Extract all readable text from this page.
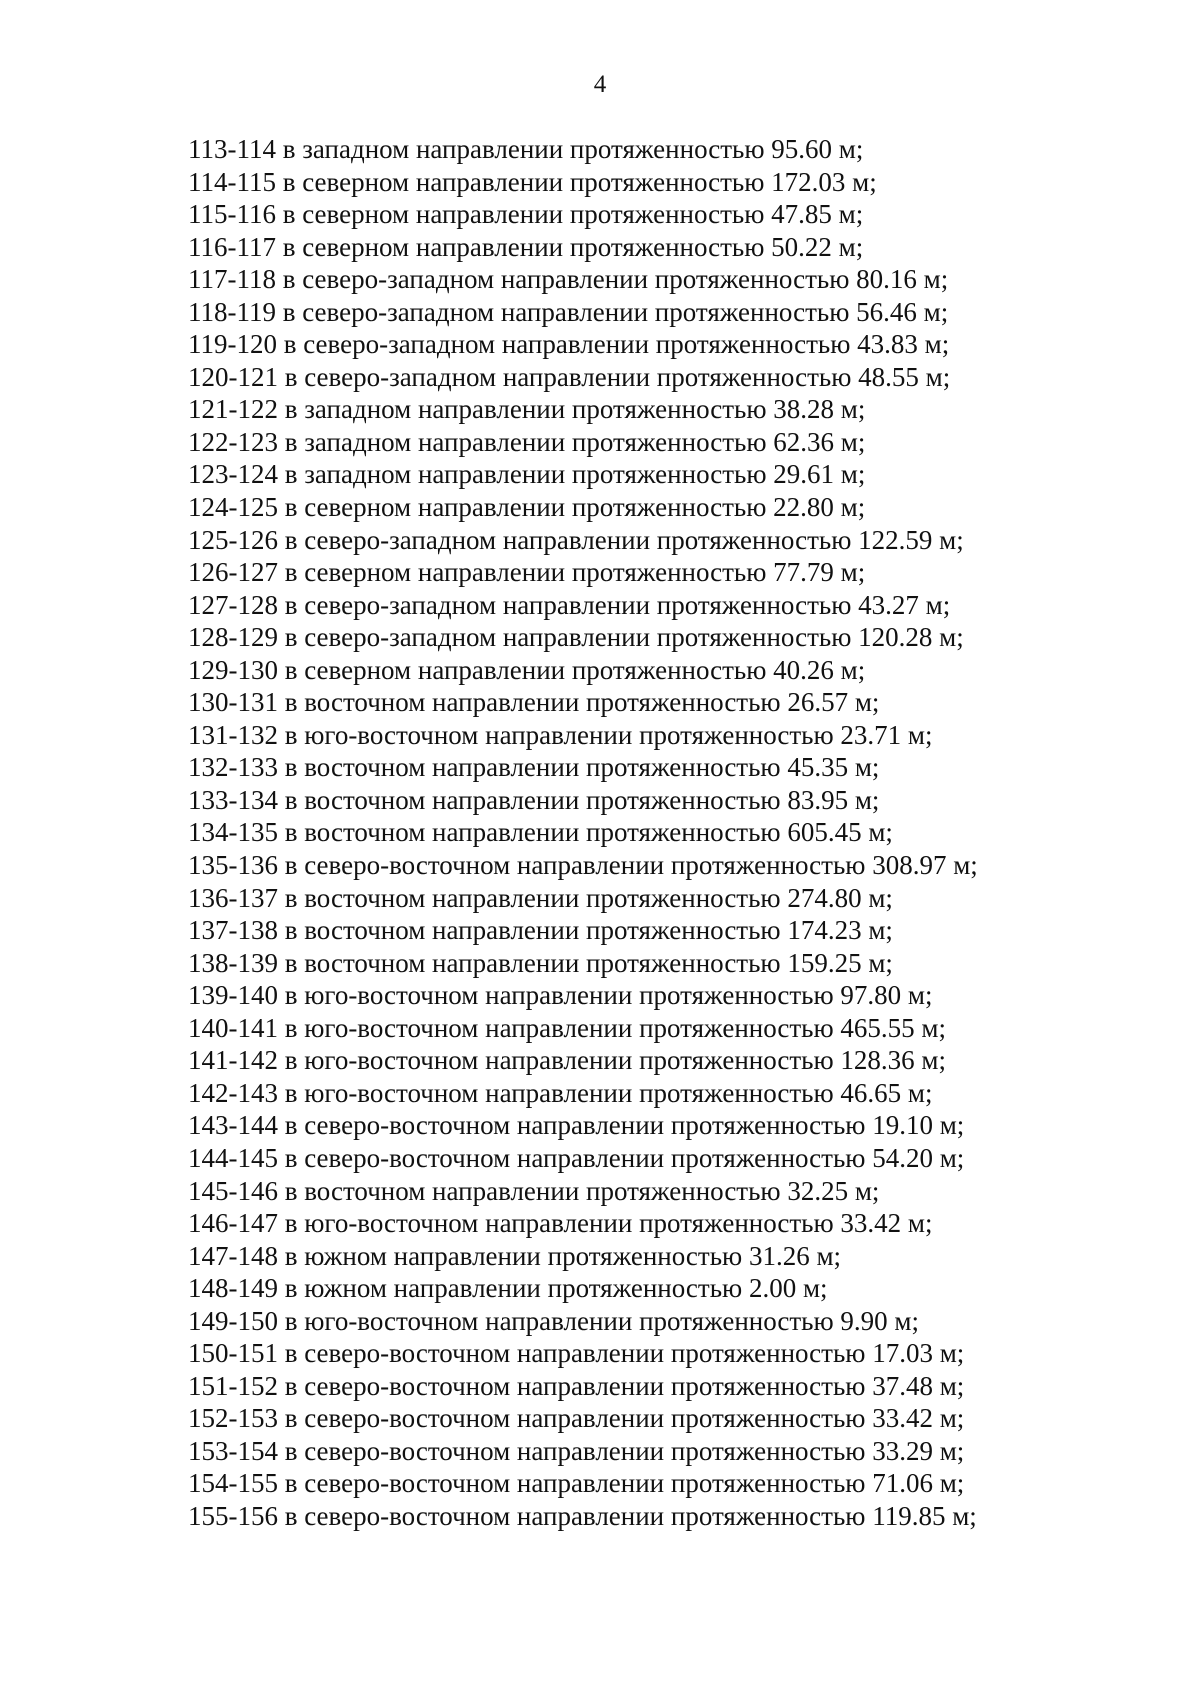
4
113-114 в западном направлении протяженностью 95.60 м;
114-115 в северном направлении протяженностью 172.03 м;
115-116 в северном направлении протяженностью 47.85 м;
116-117 в северном направлении протяженностью 50.22 м;
117-118 в северо-западном направлении протяженностью 80.16 м;
118-119 в северо-западном направлении протяженностью 56.46 м;
119-120 в северо-западном направлении протяженностью 43.83 м;
120-121 в северо-западном направлении протяженностью 48.55 м;
121-122 в западном направлении протяженностью 38.28 м;
122-123 в западном направлении протяженностью 62.36 м;
123-124 в западном направлении протяженностью 29.61 м;
124-125 в северном направлении протяженностью 22.80 м;
125-126 в северо-западном направлении протяженностью 122.59 м;
126-127 в северном направлении протяженностью 77.79 м;
127-128 в северо-западном направлении протяженностью 43.27 м;
128-129 в северо-западном направлении протяженностью 120.28 м;
129-130 в северном направлении протяженностью 40.26 м;
130-131 в восточном направлении протяженностью 26.57 м;
131-132 в юго-восточном направлении протяженностью 23.71 м;
132-133 в восточном направлении протяженностью 45.35 м;
133-134 в восточном направлении протяженностью 83.95 м;
134-135 в восточном направлении протяженностью 605.45 м;
135-136 в северо-восточном направлении протяженностью 308.97 м;
136-137 в восточном направлении протяженностью 274.80 м;
137-138 в восточном направлении протяженностью 174.23 м;
138-139 в восточном направлении протяженностью 159.25 м;
139-140 в юго-восточном направлении протяженностью 97.80 м;
140-141 в юго-восточном направлении протяженностью 465.55 м;
141-142 в юго-восточном направлении протяженностью 128.36 м;
142-143 в юго-восточном направлении протяженностью 46.65 м;
143-144 в северо-восточном направлении протяженностью 19.10 м;
144-145 в северо-восточном направлении протяженностью 54.20 м;
145-146 в восточном направлении протяженностью 32.25 м;
146-147 в юго-восточном направлении протяженностью 33.42 м;
147-148 в южном направлении протяженностью 31.26 м;
148-149 в южном направлении протяженностью 2.00 м;
149-150 в юго-восточном направлении протяженностью 9.90 м;
150-151 в северо-восточном направлении протяженностью 17.03 м;
151-152 в северо-восточном направлении протяженностью 37.48 м;
152-153 в северо-восточном направлении протяженностью 33.42 м;
153-154 в северо-восточном направлении протяженностью 33.29 м;
154-155 в северо-восточном направлении протяженностью 71.06 м;
155-156 в северо-восточном направлении протяженностью 119.85 м;
